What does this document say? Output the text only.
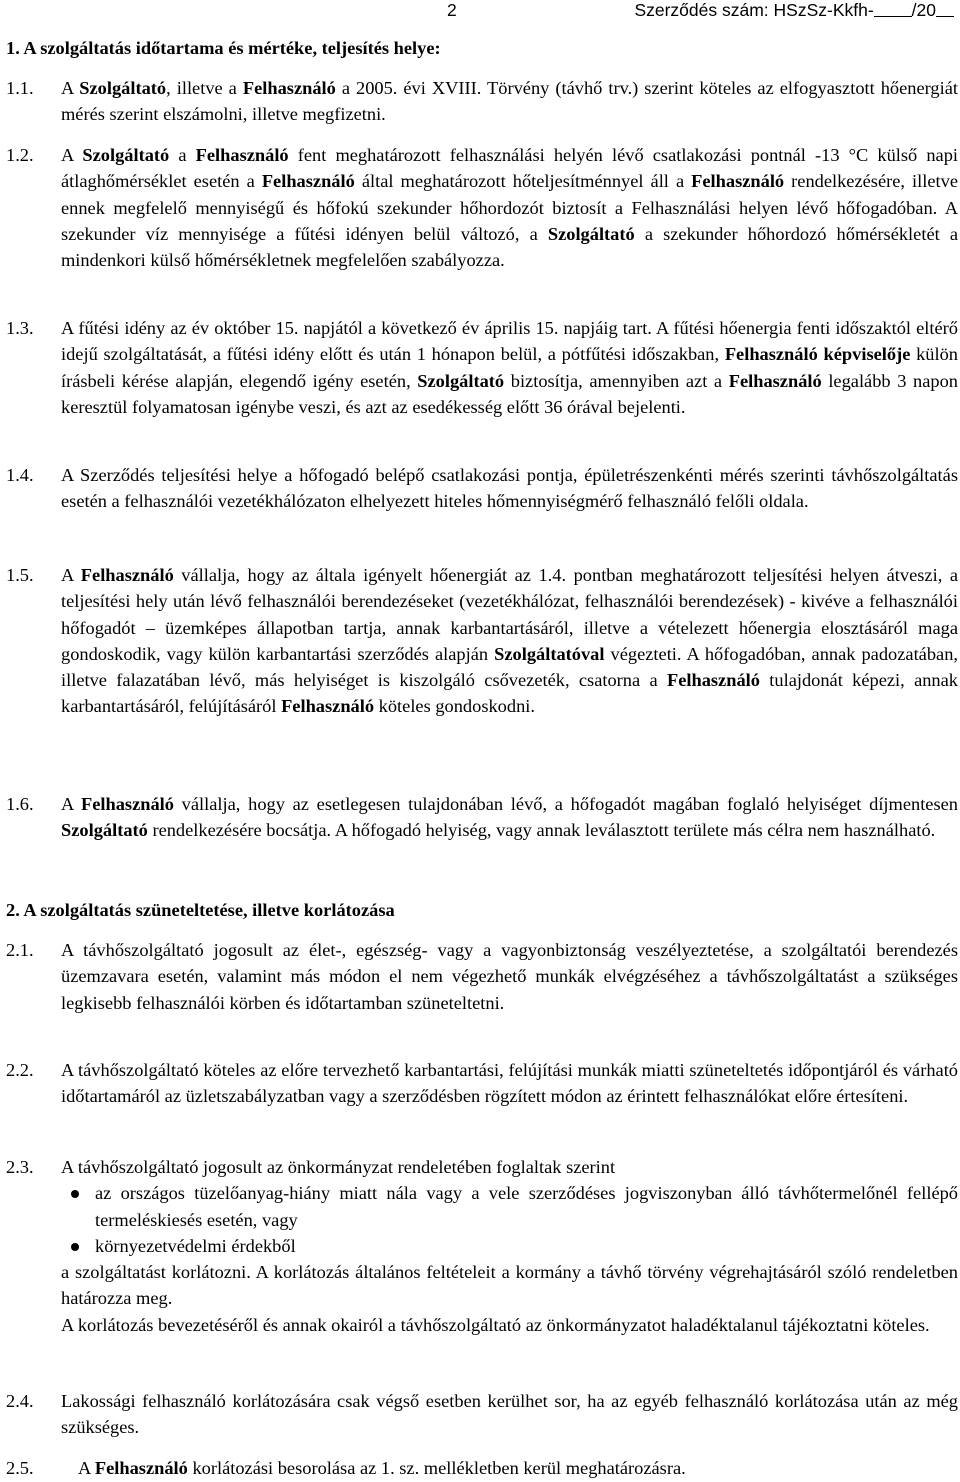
2	Szerződés szám: HSzSz-Kkfh- /20
1. A szolgáltatás időtartama és mértéke, teljesítés helye:
1.1. A Szolgáltató, illetve a Felhasználó a 2005. évi XVIII. Törvény (távhő trv.) szerint köteles az elfogyasztott hőenergiát mérés szerint elszámolni, illetve megfizetni.

1.2. A Szolgáltató a Felhasználó fent meghatározott felhasználási helyén lévő csatlakozási pontnál -13 °C külső napi átlaghőmérséklet esetén a Felhasználó által meghatározott hőteljesítménnyel áll a Felhasználó rendelkezésére, illetve ennek megfelelő mennyiségű és hőfokú szekunder hőhordozót biztosít a Felhasználási helyen lévő hőfogadóban. A szekunder víz mennyisége a fűtési idényen belül változó, a Szolgáltató a szekunder hőhordozó hőmérsékletét a mindenkori külső hőmérsékletnek megfelelően szabályozza.

1.3. A fűtési idény az év október 15. napjától a következő év április 15. napjáig tart. A fűtési hőenergia fenti időszaktól eltérő idejű szolgáltatását, a fűtési idény előtt és után 1 hónapon belül, a pótfűtési időszakban, Felhasználó képviselője külön írásbeli kérése alapján, elegendő igény esetén, Szolgáltató biztosítja, amennyiben azt a Felhasználó legalább 3 napon keresztül folyamatosan igénybe veszi, és azt az esedékesség előtt 36 órával bejelenti.

1.4. A Szerződés teljesítési helye a hőfogadó belépő csatlakozási pontja, épületrészenkénti mérés szerinti távhőszolgáltatás esetén a felhasználói vezetékhálózaton elhelyezett hiteles hőmennyiségmérő felhasználó felőli oldala.

1.5. A Felhasználó vállalja, hogy az általa igényelt hőenergiát az 1.4. pontban meghatározott teljesítési helyen átveszi, a teljesítési hely után lévő felhasználói berendezéseket (vezetékhálózat, felhasználói berendezések) - kivéve a felhasználói hőfogadót – üzemképes állapotban tartja, annak karbantartásáról, illetve a vételezett hőenergia elosztásáról maga gondoskodik, vagy külön karbantartási szerződés alapján Szolgáltatóval végezteti. A hőfogadóban, annak padozatában, illetve falazatában lévő, más helyiséget is kiszolgáló csővezeték, csatorna a Felhasználó tulajdonát képezi, annak karbantartásáról, felújításáról Felhasználó köteles gondoskodni.

1.6. A Felhasználó vállalja, hogy az esetlegesen tulajdonában lévő, a hőfogadót magában foglaló helyiséget díjmentesen Szolgáltató rendelkezésére bocsátja. A hőfogadó helyiség, vagy annak leválasztott területe más célra nem használható.

2. A szolgáltatás szüneteltetése, illetve korlátozása
2.1. A távhőszolgáltató jogosult az élet-, egészség- vagy a vagyonbiztonság veszélyeztetése, a szolgáltatói berendezés üzemzavara esetén, valamint más módon el nem végezhető munkák elvégzéséhez a távhőszolgáltatást a szükséges legkisebb felhasználói körben és időtartamban szüneteltetni.

2.2. A távhőszolgáltató köteles az előre tervezhető karbantartási, felújítási munkák miatti szüneteltetés időpontjáról és várható időtartamáról az üzletszabályzatban vagy a szerződésben rögzített módon az érintett felhasználókat előre értesíteni.

2.3. A távhőszolgáltató jogosult az önkormányzat rendeletében foglaltak szerint
az országos tüzelőanyag-hiány miatt nála vagy a vele szerződéses jogviszonyban álló távhőtermelőnél fellépő termeléskiesés esetén, vagy
környezetvédelmi érdekből
a szolgáltatást korlátozni. A korlátozás általános feltételeit a kormány a távhő törvény végrehajtásáról szóló rendeletben határozza meg.
A korlátozás bevezetéséről és annak okairól a távhőszolgáltató az önkormányzatot haladéktalanul tájékoztatni köteles.
2.4. Lakossági felhasználó korlátozására csak végső esetben kerülhet sor, ha az egyéb felhasználó korlátozása után az még szükséges.

2.5. A Felhasználó korlátozási besorolása az 1. sz. mellékletben kerül meghatározásra.
